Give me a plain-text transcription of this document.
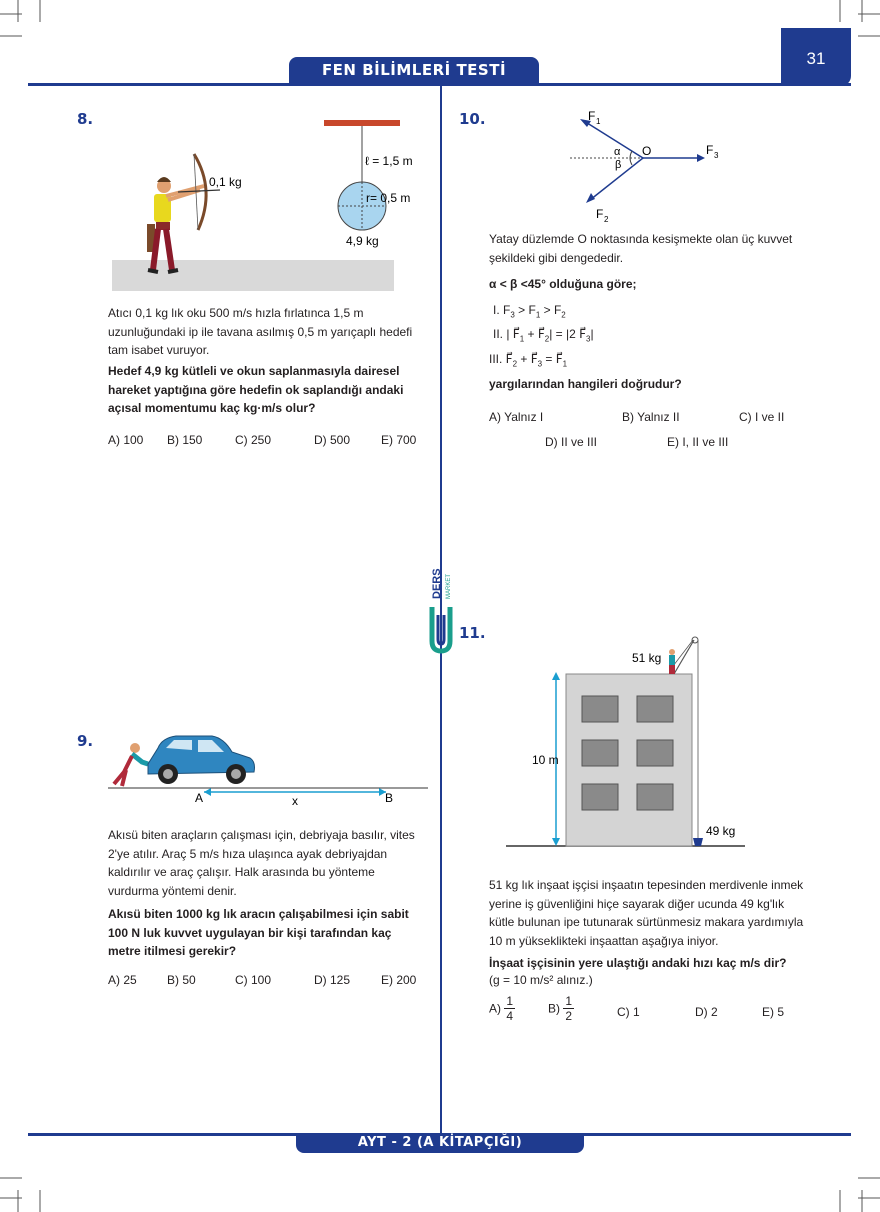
FEN BİLİMLERİ TESTİ
31
DERS MARKET
8.
0,1 kg
ℓ = 1,5 m
r= 0,5 m
4,9 kg
Atıcı 0,1 kg lık oku 500 m/s hızla fırlatınca 1,5 m uzunluğundaki ip ile tavana asılmış 0,5 m yarıçaplı hedefi tam isabet vuruyor.
Hedef 4,9 kg kütleli ve okun saplanmasıyla dairesel hareket yaptığına göre hedefin ok saplandığı andaki açısal momentumu kaç kg·m/s olur?
A) 100 B) 150	C) 250	D) 500	E) 700
9.
A	x	B
Akısü biten araçların çalışması için, debriyaja basılır, vites 2'ye atılır. Araç 5 m/s hıza ulaşınca ayak debriyajdan kaldırılır ve araç çalışır. Halk arasında bu yönteme vurdurma yöntemi denir.
Akısü biten 1000 kg lık aracın çalışabilmesi için sabit 100 N luk kuvvet uygulayan bir kişi tarafından kaç metre itilmesi gerekir?
A) 25	B) 50	C) 100	D) 125	E) 200
10.
α
β
O
F 1
F 2
F 3
Yatay düzlemde O noktasında kesişmekte olan üç kuvvet şekildeki gibi dengededir.
α < β <45° olduğuna göre;
I. $F_3 > F_1 > F_2$
II. | $F⃗_1$ + $F⃗_2| = |2$ $F⃗_3|$
III. $F⃗_2$ + $F⃗_3$ = $F⃗_1$
yargılarından hangileri doğrudur?
A) Yalnız I	B) Yalnız II	C) I ve II
D) II ve III	E) I, II ve III
11.
10 m
51 kg
49 kg
51 kg lık inşaat işçisi inşaatın tepesinden merdivenle inmek yerine iş güvenliğini hiçe sayarak diğer ucunda 49 kg'lık kütle bulunan ipe tutunarak sürtünmesiz makara yardımıyla 10 m yükseklikteki inşaattan aşağıya iniyor.
İnşaat işçisinin yere ulaştığı andaki hızı kaç m/s dir?
(g = 10 m/s² alınız.)
$A) \frac{1}{4}$	$B) \frac{1}{2}$	C) 1	D) 2	E) 5
AYT - 2 (A KİTAPÇIĞI)
